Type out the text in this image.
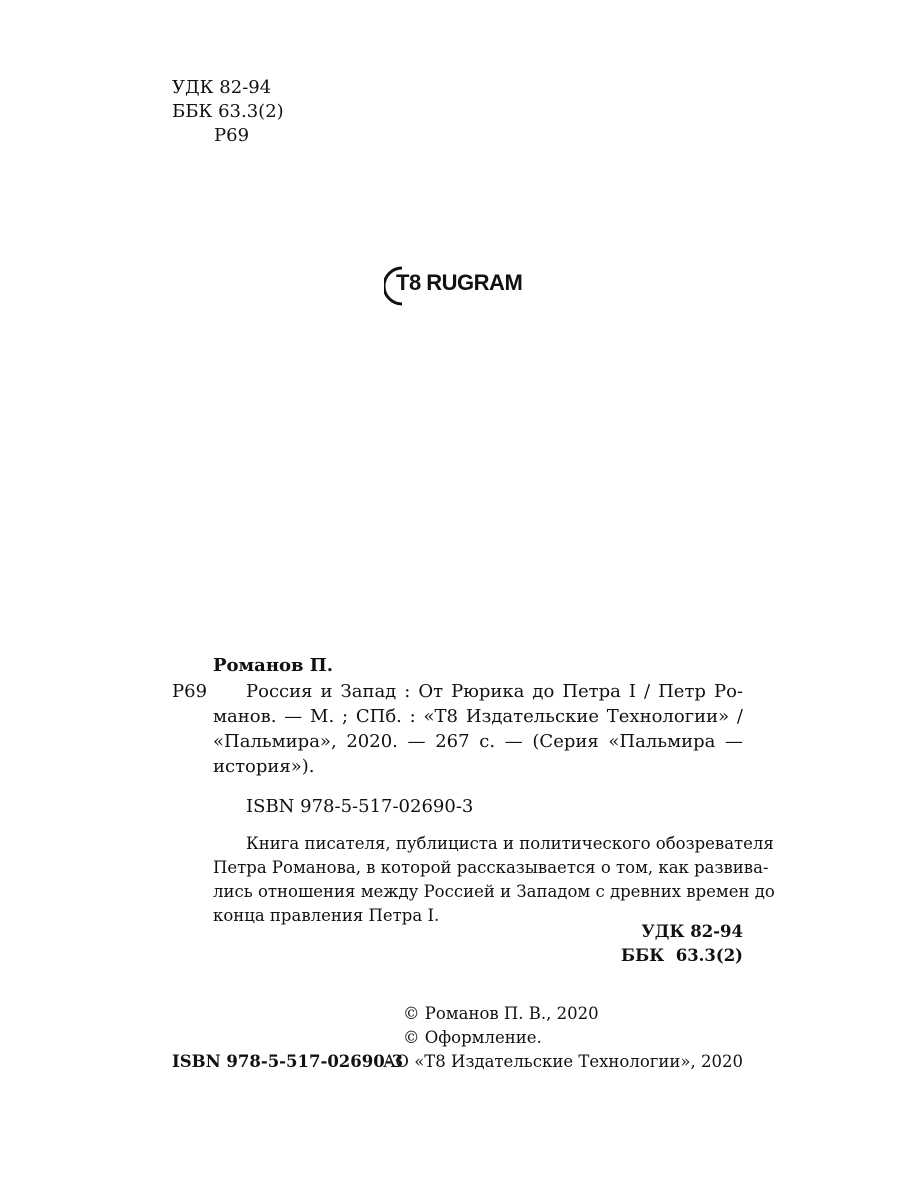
УДК 82-94
ББК 63.3(2)
Р69
T8 RUGRAM
Романов П.
Р69 Россия и Запад : От Рюрика до Петра I / Петр Ро-
манов. — М. ; СПб. : «Т8 Издательские Технологии» /
«Пальмира», 2020. — 267 с. — (Серия «Пальмира —
история»).
ISBN 978-5-517-02690-3
Книга писателя, публициста и политического обозревателя
Петра Романова, в которой рассказывается о том, как развива-
лись отношения между Россией и Западом с древних времен до
конца правления Петра I.
УДК 82-94
ББК  63.3(2)
© Романов П. В., 2020
© Оформление.
АО «Т8 Издательские Технологии», 2020
ISBN 978-5-517-02690-3
